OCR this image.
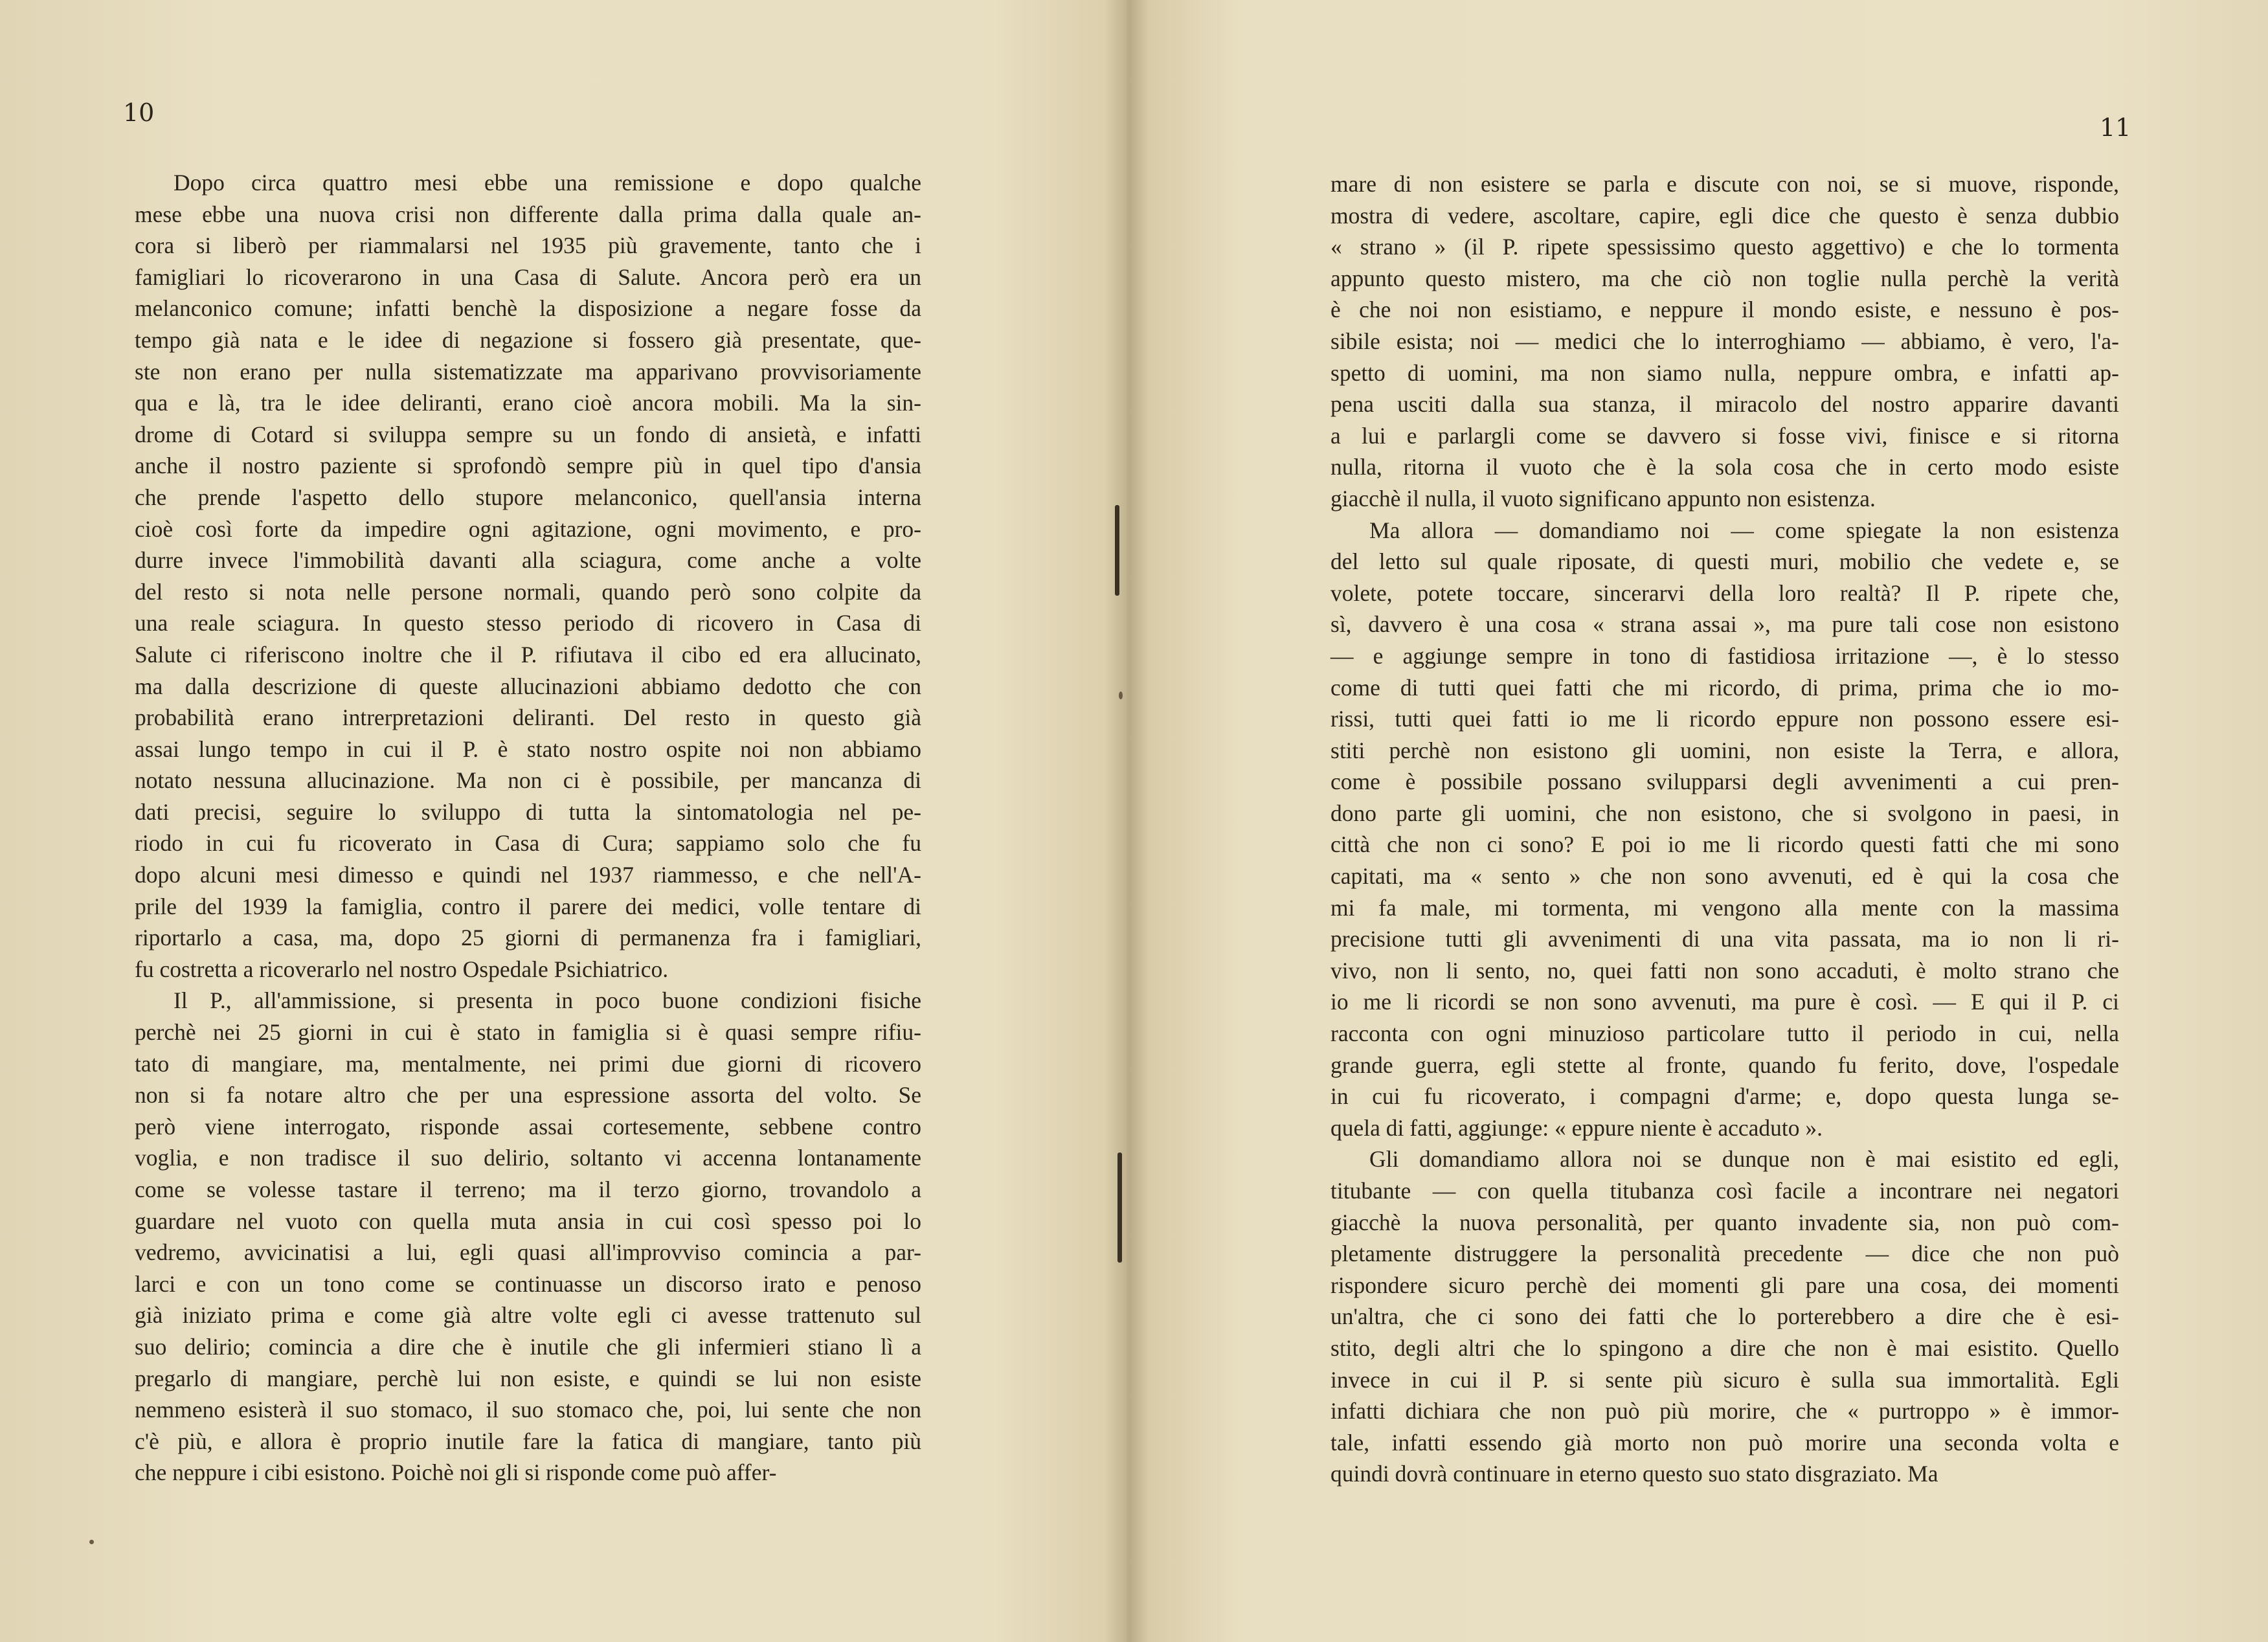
10
Dopo circa quattro mesi ebbe una remissione e dopo qualche
mese ebbe una nuova crisi non differente dalla prima dalla quale an-
cora si liberò per riammalarsi nel 1935 più gravemente, tanto che i
famigliari lo ricoverarono in una Casa di Salute. Ancora però era un
melanconico comune; infatti benchè la disposizione a negare fosse da
tempo già nata e le idee di negazione si fossero già presentate, que-
ste non erano per nulla sistematizzate ma apparivano provvisoriamente
qua e là, tra le idee deliranti, erano cioè ancora mobili. Ma la sin-
drome di Cotard si sviluppa sempre su un fondo di ansietà, e infatti
anche il nostro paziente si sprofondò sempre più in quel tipo d'ansia
che prende l'aspetto dello stupore melanconico, quell'ansia interna
cioè così forte da impedire ogni agitazione, ogni movimento, e pro-
durre invece l'immobilità davanti alla sciagura, come anche a volte
del resto si nota nelle persone normali, quando però sono colpite da
una reale sciagura. In questo stesso periodo di ricovero in Casa di
Salute ci riferiscono inoltre che il P. rifiutava il cibo ed era allucinato,
ma dalla descrizione di queste allucinazioni abbiamo dedotto che con
probabilità erano intrerpretazioni deliranti. Del resto in questo già
assai lungo tempo in cui il P. è stato nostro ospite noi non abbiamo
notato nessuna allucinazione. Ma non ci è possibile, per mancanza di
dati precisi, seguire lo sviluppo di tutta la sintomatologia nel pe-
riodo in cui fu ricoverato in Casa di Cura; sappiamo solo che fu
dopo alcuni mesi dimesso e quindi nel 1937 riammesso, e che nell'A-
prile del 1939 la famiglia, contro il parere dei medici, volle tentare di
riportarlo a casa, ma, dopo 25 giorni di permanenza fra i famigliari,
fu costretta a ricoverarlo nel nostro Ospedale Psichiatrico.
Il P., all'ammissione, si presenta in poco buone condizioni fisiche
perchè nei 25 giorni in cui è stato in famiglia si è quasi sempre rifiu-
tato di mangiare, ma, mentalmente, nei primi due giorni di ricovero
non si fa notare altro che per una espressione assorta del volto. Se
però viene interrogato, risponde assai cortesemente, sebbene contro
voglia, e non tradisce il suo delirio, soltanto vi accenna lontanamente
come se volesse tastare il terreno; ma il terzo giorno, trovandolo a
guardare nel vuoto con quella muta ansia in cui così spesso poi lo
vedremo, avvicinatisi a lui, egli quasi all'improvviso comincia a par-
larci e con un tono come se continuasse un discorso irato e penoso
già iniziato prima e come già altre volte egli ci avesse trattenuto sul
suo delirio; comincia a dire che è inutile che gli infermieri stiano lì a
pregarlo di mangiare, perchè lui non esiste, e quindi se lui non esiste
nemmeno esisterà il suo stomaco, il suo stomaco che, poi, lui sente che non
c'è più, e allora è proprio inutile fare la fatica di mangiare, tanto più
che neppure i cibi esistono. Poichè noi gli si risponde come può affer-
11
mare di non esistere se parla e discute con noi, se si muove, risponde,
mostra di vedere, ascoltare, capire, egli dice che questo è senza dubbio
« strano » (il P. ripete spessissimo questo aggettivo) e che lo tormenta
appunto questo mistero, ma che ciò non toglie nulla perchè la verità
è che noi non esistiamo, e neppure il mondo esiste, e nessuno è pos-
sibile esista; noi — medici che lo interroghiamo — abbiamo, è vero, l'a-
spetto di uomini, ma non siamo nulla, neppure ombra, e infatti ap-
pena usciti dalla sua stanza, il miracolo del nostro apparire davanti
a lui e parlargli come se davvero si fosse vivi, finisce e si ritorna
nulla, ritorna il vuoto che è la sola cosa che in certo modo esiste
giacchè il nulla, il vuoto significano appunto non esistenza.
Ma allora — domandiamo noi — come spiegate la non esistenza
del letto sul quale riposate, di questi muri, mobilio che vedete e, se
volete, potete toccare, sincerarvi della loro realtà? Il P. ripete che,
sì, davvero è una cosa « strana assai », ma pure tali cose non esistono
— e aggiunge sempre in tono di fastidiosa irritazione —, è lo stesso
come di tutti quei fatti che mi ricordo, di prima, prima che io mo-
rissi, tutti quei fatti io me li ricordo eppure non possono essere esi-
stiti perchè non esistono gli uomini, non esiste la Terra, e allora,
come è possibile possano svilupparsi degli avvenimenti a cui pren-
dono parte gli uomini, che non esistono, che si svolgono in paesi, in
città che non ci sono? E poi io me li ricordo questi fatti che mi sono
capitati, ma « sento » che non sono avvenuti, ed è qui la cosa che
mi fa male, mi tormenta, mi vengono alla mente con la massima
precisione tutti gli avvenimenti di una vita passata, ma io non li ri-
vivo, non li sento, no, quei fatti non sono accaduti, è molto strano che
io me li ricordi se non sono avvenuti, ma pure è così. — E qui il P. ci
racconta con ogni minuzioso particolare tutto il periodo in cui, nella
grande guerra, egli stette al fronte, quando fu ferito, dove, l'ospedale
in cui fu ricoverato, i compagni d'arme; e, dopo questa lunga se-
quela di fatti, aggiunge: « eppure niente è accaduto ».
Gli domandiamo allora noi se dunque non è mai esistito ed egli,
titubante — con quella titubanza così facile a incontrare nei negatori
giacchè la nuova personalità, per quanto invadente sia, non può com-
pletamente distruggere la personalità precedente — dice che non può
rispondere sicuro perchè dei momenti gli pare una cosa, dei momenti
un'altra, che ci sono dei fatti che lo porterebbero a dire che è esi-
stito, degli altri che lo spingono a dire che non è mai esistito. Quello
invece in cui il P. si sente più sicuro è sulla sua immortalità. Egli
infatti dichiara che non può più morire, che « purtroppo » è immor-
tale, infatti essendo già morto non può morire una seconda volta e
quindi dovrà continuare in eterno questo suo stato disgraziato. Ma
